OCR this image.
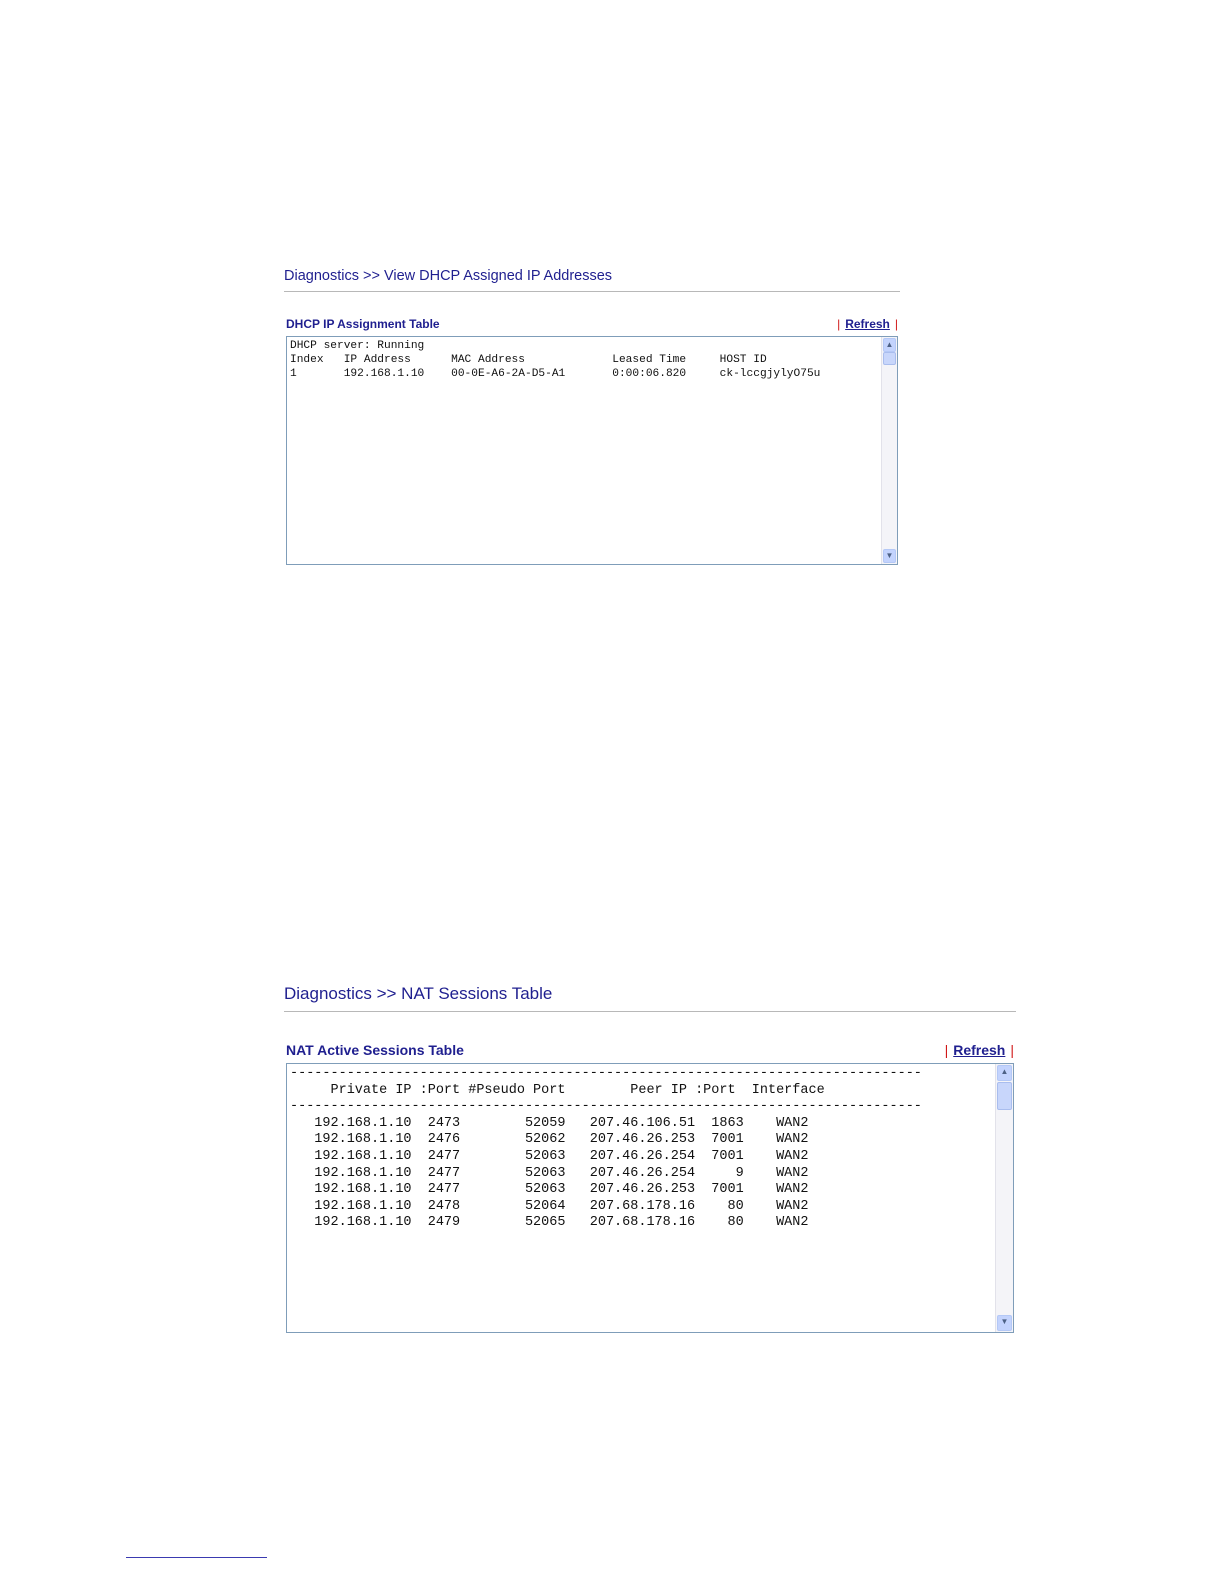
Diagnostics >> View DHCP Assigned IP Addresses
DHCP IP Assignment Table	| Refresh |
DHCP server: Running
Index   IP Address      MAC Address             Leased Time     HOST ID
1       192.168.1.10    00-0E-A6-2A-D5-A1       0:00:06.820     ck-lccgjylyO75u
▲
▼
Diagnostics >> NAT Sessions Table
NAT Active Sessions Table	| Refresh |
------------------------------------------------------------------------------
Private IP :Port #Pseudo Port        Peer IP :Port  Interface
------------------------------------------------------------------------------
192.168.1.10  2473        52059   207.46.106.51  1863    WAN2
192.168.1.10  2476        52062   207.46.26.253  7001    WAN2
192.168.1.10  2477        52063   207.46.26.254  7001    WAN2
192.168.1.10  2477        52063   207.46.26.254     9    WAN2
192.168.1.10  2477        52063   207.46.26.253  7001    WAN2
192.168.1.10  2478        52064   207.68.178.16    80    WAN2
192.168.1.10  2479        52065   207.68.178.16    80    WAN2
▲
▼
